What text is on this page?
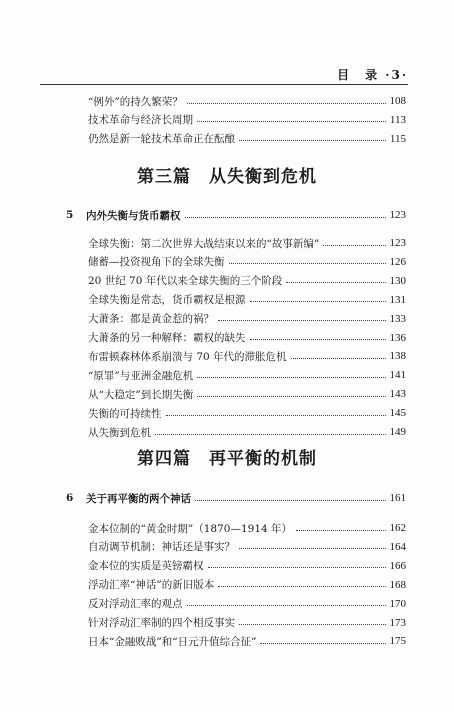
目　录 ·3·
“例外”的持久繁荣？	108
技术革命与经济长周期	113
仍然是新一轮技术革命正在酝酿	115
第三篇　从失衡到危机
5	内外失衡与货币霸权	123
全球失衡：第二次世界大战结束以来的“故事新编”	123
储蓄—投资视角下的全球失衡	126
20 世纪 70 年代以来全球失衡的三个阶段	130
全球失衡是常态，货币霸权是根源	131
大萧条：都是黄金惹的祸？	133
大萧条的另一种解释：霸权的缺失	136
布雷顿森林体系崩溃与 70 年代的滞胀危机	138
“原罪”与亚洲金融危机	141
从“大稳定”到长期失衡	143
失衡的可持续性	145
从失衡到危机	149
第四篇　再平衡的机制
6	关于再平衡的两个神话	161
金本位制的“黄金时期”（1870—1914 年）	162
自动调节机制：神话还是事实？	164
金本位的实质是英镑霸权	166
浮动汇率“神话”的新旧版本	168
反对浮动汇率的观点	170
针对浮动汇率制的四个相反事实	173
日本“金融败战”和“日元升值综合征”	175
